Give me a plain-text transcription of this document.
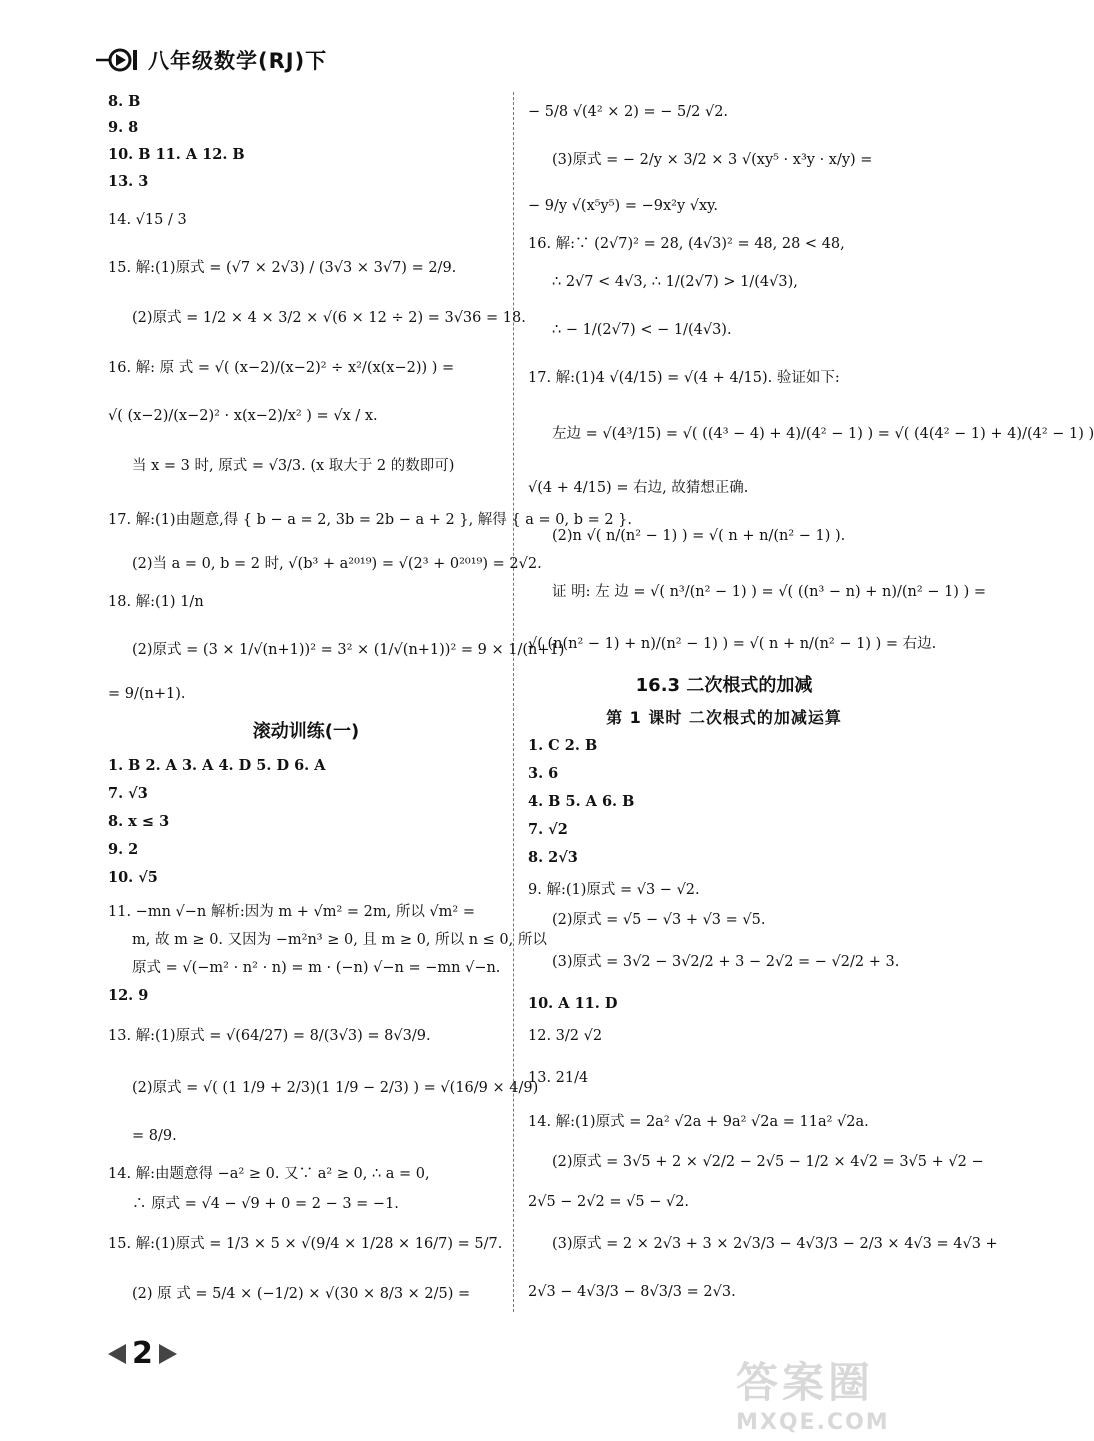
八年级数学(RJ)下
8. B
9. 8
10. B 11. A 12. B
13. 3
14. √15 / 3
15. 解:(1)原式 = (√7 × 2√3) / (3√3 × 3√7) = 2/9.
(2)原式 = 1/2 × 4 × 3/2 × √(6 × 12 ÷ 2) = 3√36 = 18.
16. 解: 原 式 = √( (x−2)/(x−2)² ÷ x²/(x(x−2)) ) =
√( (x−2)/(x−2)² · x(x−2)/x² ) = √x / x.
当 x = 3 时, 原式 = √3/3. (x 取大于 2 的数即可)
17. 解:(1)由题意,得 { b − a = 2, 3b = 2b − a + 2 }, 解得 { a = 0, b = 2 }.
(2)当 a = 0, b = 2 时, √(b³ + a²⁰¹⁹) = √(2³ + 0²⁰¹⁹) = 2√2.
18. 解:(1) 1/n
(2)原式 = (3 × 1/√(n+1))² = 3² × (1/√(n+1))² = 9 × 1/(n+1)
= 9/(n+1).
滚动训练(一)
1. B 2. A 3. A 4. D 5. D 6. A
7. √3
8. x ≤ 3
9. 2
10. √5
11. −mn √−n 解析:因为 m + √m² = 2m, 所以 √m² =
m, 故 m ≥ 0. 又因为 −m²n³ ≥ 0, 且 m ≥ 0, 所以 n ≤ 0, 所以
原式 = √(−m² · n² · n) = m · (−n) √−n = −mn √−n.
12. 9
13. 解:(1)原式 = √(64/27) = 8/(3√3) = 8√3/9.
(2)原式 = √( (1 1/9 + 2/3)(1 1/9 − 2/3) ) = √(16/9 × 4/9)
= 8/9.
14. 解:由题意得 −a² ≥ 0. 又∵ a² ≥ 0, ∴ a = 0,
∴ 原式 = √4 − √9 + 0 = 2 − 3 = −1.
15. 解:(1)原式 = 1/3 × 5 × √(9/4 × 1/28 × 16/7) = 5/7.
(2) 原 式 = 5/4 × (−1/2) × √(30 × 8/3 × 2/5) =
− 5/8 √(4² × 2) = − 5/2 √2.
(3)原式 = − 2/y × 3/2 × 3 √(xy⁵ · x³y · x/y) =
− 9/y √(x⁵y⁵) = −9x²y √xy.
16. 解:∵ (2√7)² = 28, (4√3)² = 48, 28 < 48,
∴ 2√7 < 4√3, ∴ 1/(2√7) > 1/(4√3),
∴ − 1/(2√7) < − 1/(4√3).
17. 解:(1)4 √(4/15) = √(4 + 4/15). 验证如下:
左边 = √(4³/15) = √( ((4³ − 4) + 4)/(4² − 1) ) = √( (4(4² − 1) + 4)/(4² − 1) )
√(4 + 4/15) = 右边, 故猜想正确.
(2)n √( n/(n² − 1) ) = √( n + n/(n² − 1) ).
证 明: 左 边 = √( n³/(n² − 1) ) = √( ((n³ − n) + n)/(n² − 1) ) =
√( (n(n² − 1) + n)/(n² − 1) ) = √( n + n/(n² − 1) ) = 右边.
16.3 二次根式的加减
第 1 课时 二次根式的加减运算
1. C 2. B
3. 6
4. B 5. A 6. B
7. √2
8. 2√3
9. 解:(1)原式 = √3 − √2.
(2)原式 = √5 − √3 + √3 = √5.
(3)原式 = 3√2 − 3√2/2 + 3 − 2√2 = − √2/2 + 3.
10. A 11. D
12. 3/2 √2
13. 21/4
14. 解:(1)原式 = 2a² √2a + 9a² √2a = 11a² √2a.
(2)原式 = 3√5 + 2 × √2/2 − 2√5 − 1/2 × 4√2 = 3√5 + √2 −
2√5 − 2√2 = √5 − √2.
(3)原式 = 2 × 2√3 + 3 × 2√3/3 − 4√3/3 − 2/3 × 4√3 = 4√3 +
2√3 − 4√3/3 − 8√3/3 = 2√3.
2
答案圈
MXQE.COM
